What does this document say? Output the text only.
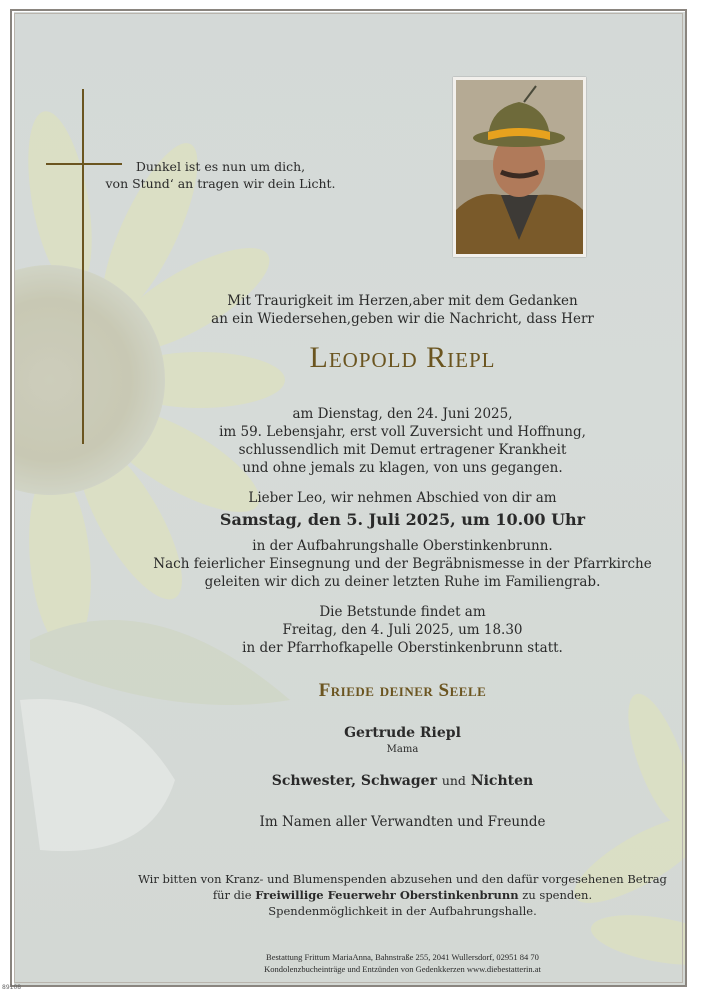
Dunkel ist es nun um dich,
von Stund‘ an tragen wir dein Licht.
Mit Traurigkeit im Herzen,aber mit dem Gedanken
an ein Wiedersehen,geben wir die Nachricht, dass Herr
Leopold Riepl
am Dienstag, den 24. Juni 2025,
im 59. Lebensjahr, erst voll Zuversicht und Hoffnung,
schlussendlich mit Demut ertragener Krankheit
und ohne jemals zu klagen, von uns gegangen.
Lieber Leo, wir nehmen Abschied von dir am
Samstag, den 5. Juli 2025, um 10.00 Uhr
in der Aufbahrungshalle Oberstinkenbrunn.
Nach feierlicher Einsegnung und der Begräbnismesse in der Pfarrkirche
geleiten wir dich zu deiner letzten Ruhe im Familiengrab.
Die Betstunde findet am
Freitag, den 4. Juli 2025, um 18.30
in der Pfarrhofkapelle Oberstinkenbrunn statt.
Friede deiner Seele
Gertrude Riepl
Mama
Schwester, Schwager und Nichten
Im Namen aller Verwandten und Freunde
Wir bitten von Kranz- und Blumenspenden abzusehen und den dafür vorgesehenen Betrag
für die Freiwillige Feuerwehr Oberstinkenbrunn zu spenden.
Spendenmöglichkeit in der Aufbahrungshalle.
Bestattung Frittum MariaAnna, Bahnstraße 255, 2041 Wullersdorf, 02951 84 70
Kondolenzbucheinträge und Entzünden von Gedenkkerzen www.diebestatterin.at
89108
